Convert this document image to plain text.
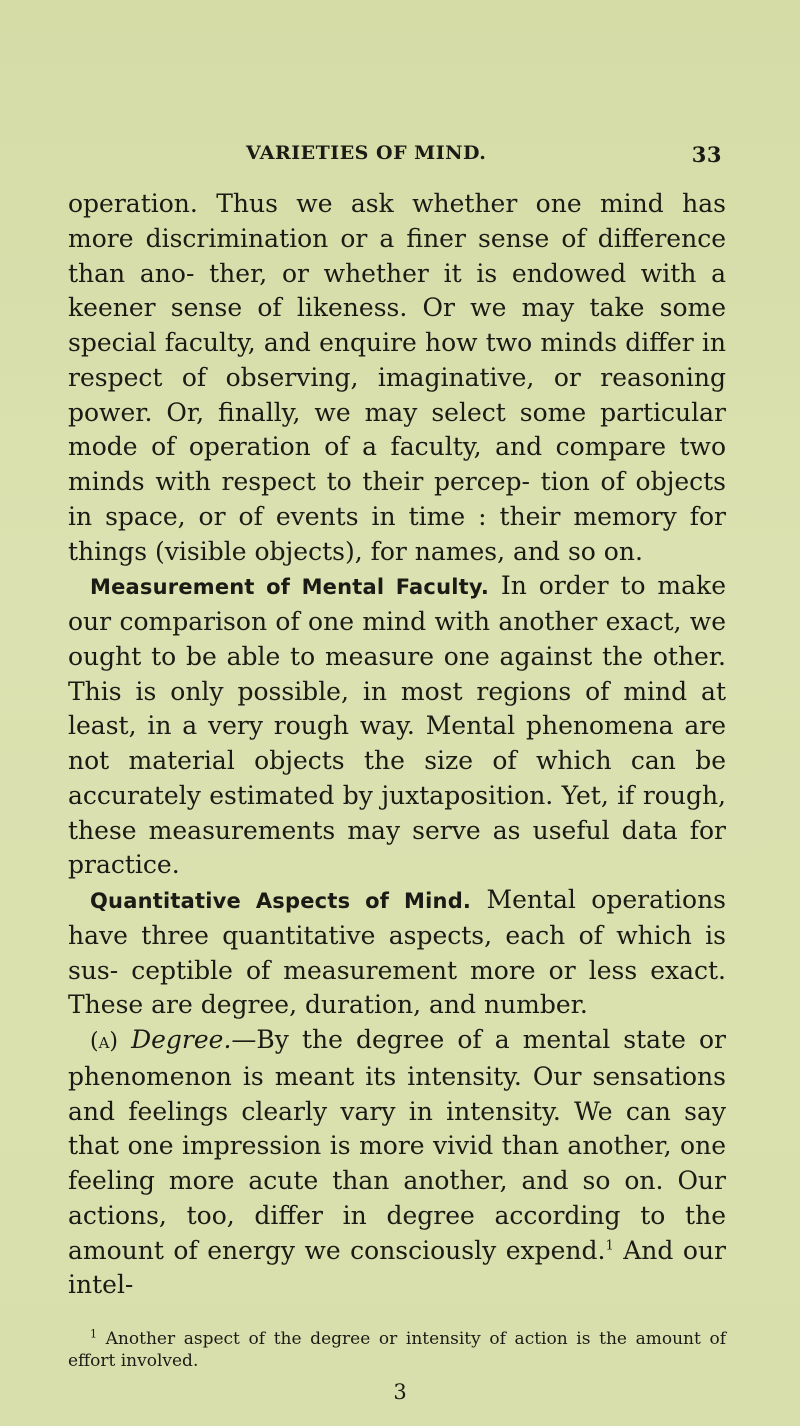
VARIETIES OF MIND.	33

operation. Thus we ask whether one mind has more discrimination or a finer sense of difference than ano- ther, or whether it is endowed with a keener sense of likeness. Or we may take some special faculty, and enquire how two minds differ in respect of observing, imaginative, or reasoning power. Or, finally, we may select some particular mode of operation of a faculty, and compare two minds with respect to their percep- tion of objects in space, or of events in time : their memory for things (visible objects), for names, and so on.

Measurement of Mental Faculty. In order to make our comparison of one mind with another exact, we ought to be able to measure one against the other. This is only possible, in most regions of mind at least, in a very rough way. Mental phenomena are not material objects the size of which can be accurately estimated by juxtaposition. Yet, if rough, these measurements may serve as useful data for practice.

Quantitative Aspects of Mind. Mental operations have three quantitative aspects, each of which is sus- ceptible of measurement more or less exact. These are degree, duration, and number.

(a) Degree.—By the degree of a mental state or phenomenon is meant its intensity. Our sensations and feelings clearly vary in intensity. We can say that one impression is more vivid than another, one feeling more acute than another, and so on. Our actions, too, differ in degree according to the amount of energy we consciously expend.$^1$ And our intel-

$^1$ Another aspect of the degree or intensity of action is the amount of effort involved.

3
